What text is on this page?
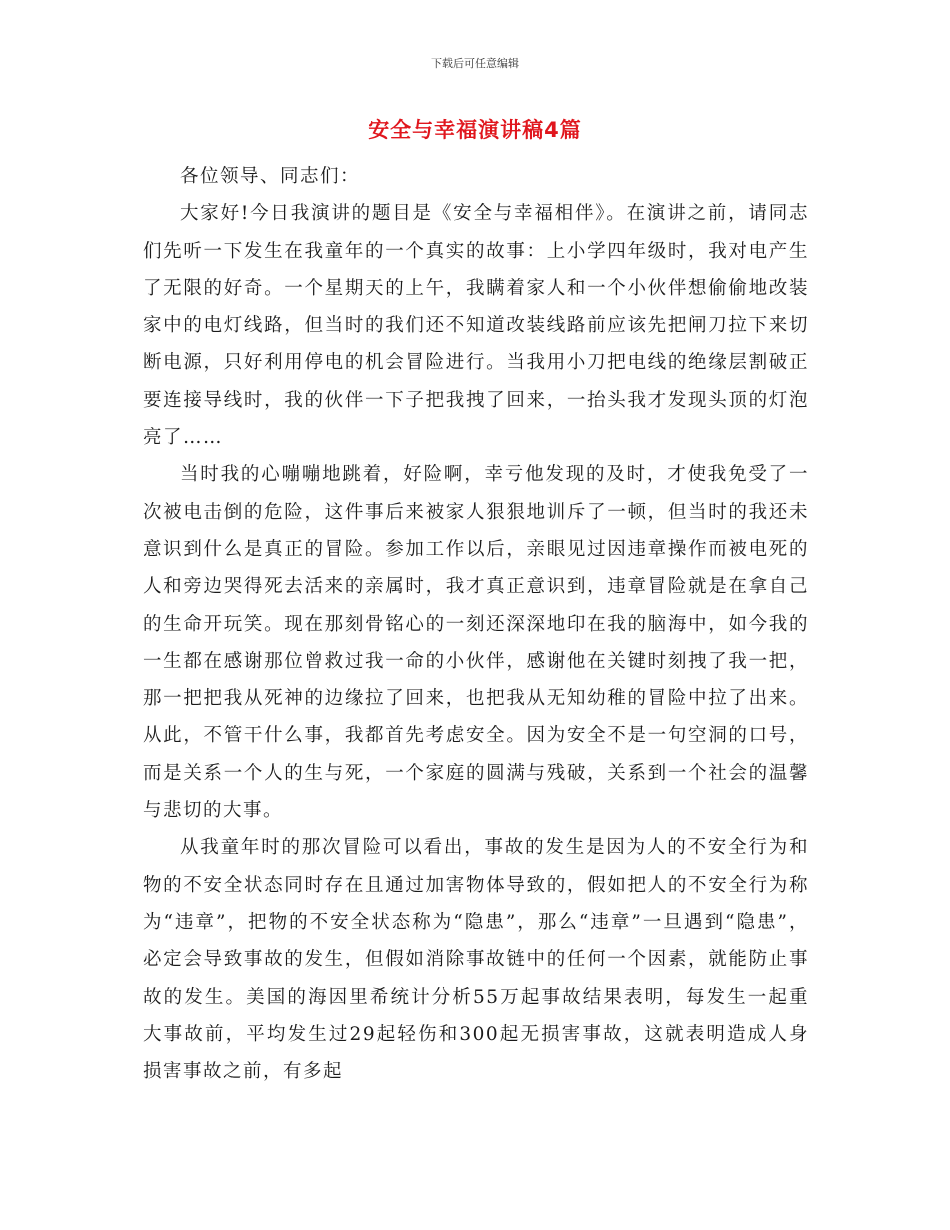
下载后可任意编辑
安全与幸福演讲稿4篇

各位领导、同志们：

大家好!今日我演讲的题目是《安全与幸福相伴》。在演讲之前，请同志们先听一下发生在我童年的一个真实的故事：上小学四年级时，我对电产生了无限的好奇。一个星期天的上午，我瞒着家人和一个小伙伴想偷偷地改装家中的电灯线路，但当时的我们还不知道改装线路前应该先把闸刀拉下来切断电源，只好利用停电的机会冒险进行。当我用小刀把电线的绝缘层割破正要连接导线时，我的伙伴一下子把我拽了回来，一抬头我才发现头顶的灯泡亮了……

当时我的心嘣嘣地跳着，好险啊，幸亏他发现的及时，才使我免受了一次被电击倒的危险，这件事后来被家人狠狠地训斥了一顿，但当时的我还未意识到什么是真正的冒险。参加工作以后，亲眼见过因违章操作而被电死的人和旁边哭得死去活来的亲属时，我才真正意识到，违章冒险就是在拿自己的生命开玩笑。现在那刻骨铭心的一刻还深深地印在我的脑海中，如今我的一生都在感谢那位曾救过我一命的小伙伴，感谢他在关键时刻拽了我一把，那一把把我从死神的边缘拉了回来，也把我从无知幼稚的冒险中拉了出来。从此，不管干什么事，我都首先考虑安全。因为安全不是一句空洞的口号，而是关系一个人的生与死，一个家庭的圆满与残破，关系到一个社会的温馨与悲切的大事。

从我童年时的那次冒险可以看出，事故的发生是因为人的不安全行为和物的不安全状态同时存在且通过加害物体导致的，假如把人的不安全行为称为“违章”，把物的不安全状态称为“隐患”，那么“违章”一旦遇到“隐患”，必定会导致事故的发生，但假如消除事故链中的任何一个因素，就能防止事故的发生。美国的海因里希统计分析55万起事故结果表明，每发生一起重大事故前，平均发生过29起轻伤和300起无损害事故，这就表明造成人身损害事故之前，有多起
